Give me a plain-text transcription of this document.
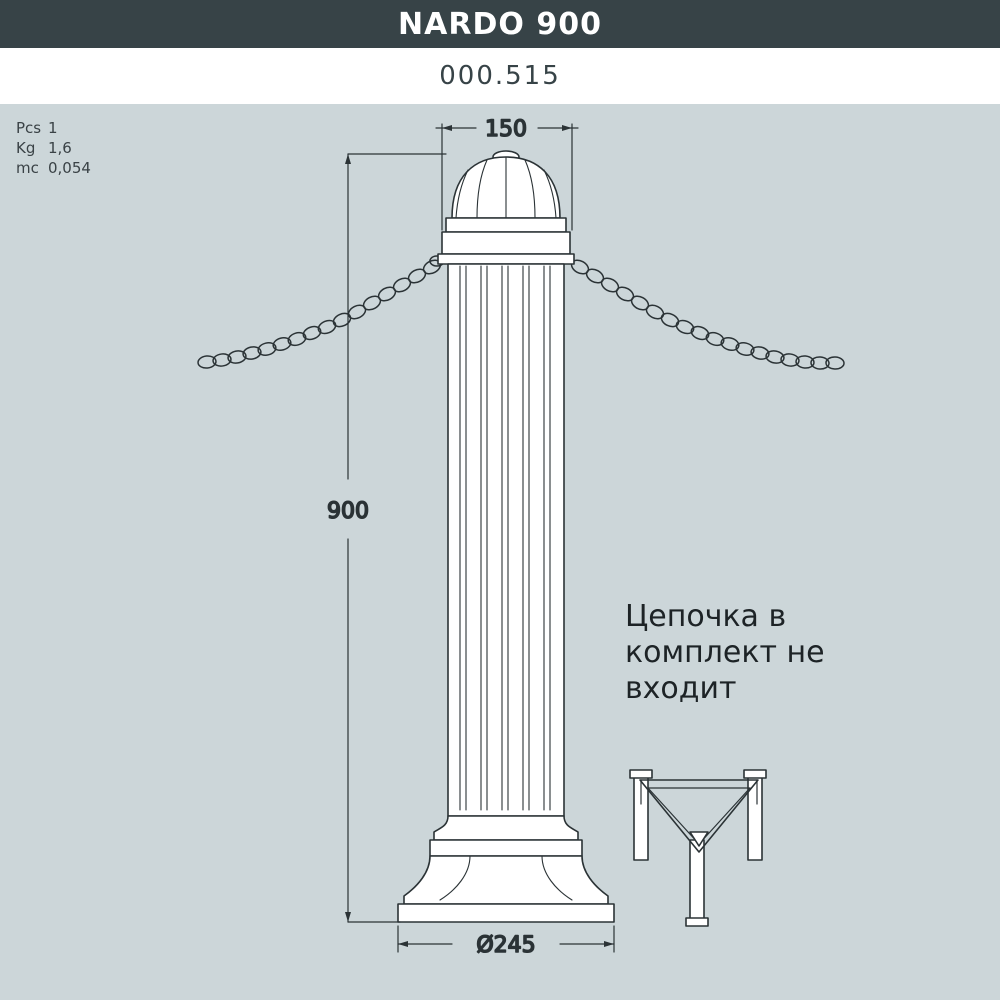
NARDO 900
000.515
Pcs 1
Kg 1,6
mc 0,054
Цепочка в комплект не входит
150
900
Ø245
